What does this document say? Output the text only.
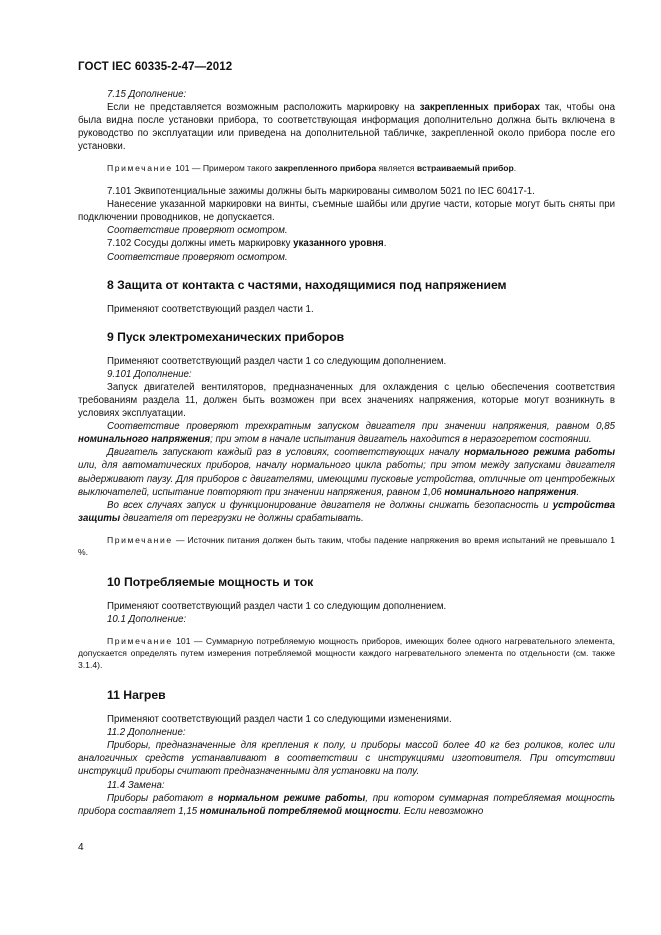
ГОСТ IEC 60335-2-47—2012

7.15 Дополнение:

Если не представляется возможным расположить маркировку на закрепленных приборах так, чтобы она была видна после установки прибора, то соответствующая информация дополнительно должна быть включена в руководство по эксплуатации или приведена на дополнительной табличке, закрепленной около прибора после его установки.

Примечание 101 — Примером такого закрепленного прибора является встраиваемый прибор.

7.101 Эквипотенциальные зажимы должны быть маркированы символом 5021 по IEC 60417-1.

Нанесение указанной маркировки на винты, съемные шайбы или другие части, которые могут быть сняты при подключении проводников, не допускается.

Соответствие проверяют осмотром.

7.102 Сосуды должны иметь маркировку указанного уровня.

Соответствие проверяют осмотром.

8 Защита от контакта с частями, находящимися под напряжением

Применяют соответствующий раздел части 1.

9 Пуск электромеханических приборов

Применяют соответствующий раздел части 1 со следующим дополнением.

9.101 Дополнение:

Запуск двигателей вентиляторов, предназначенных для охлаждения с целью обеспечения соответствия требованиям раздела 11, должен быть возможен при всех значениях напряжения, которые могут возникнуть в условиях эксплуатации.

Соответствие проверяют трехкратным запуском двигателя при значении напряжения, равном 0,85 номинального напряжения; при этом в начале испытания двигатель находится в неразогретом состоянии.

Двигатель запускают каждый раз в условиях, соответствующих началу нормального режима работы или, для автоматических приборов, началу нормального цикла работы; при этом между запусками двигателя выдерживают паузу. Для приборов с двигателями, имеющими пусковые устройства, отличные от центробежных выключателей, испытание повторяют при значении напряжения, равном 1,06 номинального напряжения.

Во всех случаях запуск и функционирование двигателя не должны снижать безопасность и устройства защиты двигателя от перегрузки не должны срабатывать.

Примечание — Источник питания должен быть таким, чтобы падение напряжения во время испытаний не превышало 1 %.

10 Потребляемые мощность и ток

Применяют соответствующий раздел части 1 со следующим дополнением.

10.1 Дополнение:

Примечание 101 — Суммарную потребляемую мощность приборов, имеющих более одного нагревательного элемента, допускается определять путем измерения потребляемой мощности каждого нагревательного элемента по отдельности (см. также 3.1.4).

11 Нагрев

Применяют соответствующий раздел части 1 со следующими изменениями.

11.2 Дополнение:

Приборы, предназначенные для крепления к полу, и приборы массой более 40 кг без роликов, колес или аналогичных средств устанавливают в соответствии с инструкциями изготовителя. При отсутствии инструкций приборы считают предназначенными для установки на полу.

11.4 Замена:

Приборы работают в нормальном режиме работы, при котором суммарная потребляемая мощность прибора составляет 1,15 номинальной потребляемой мощности. Если невозможно

4
